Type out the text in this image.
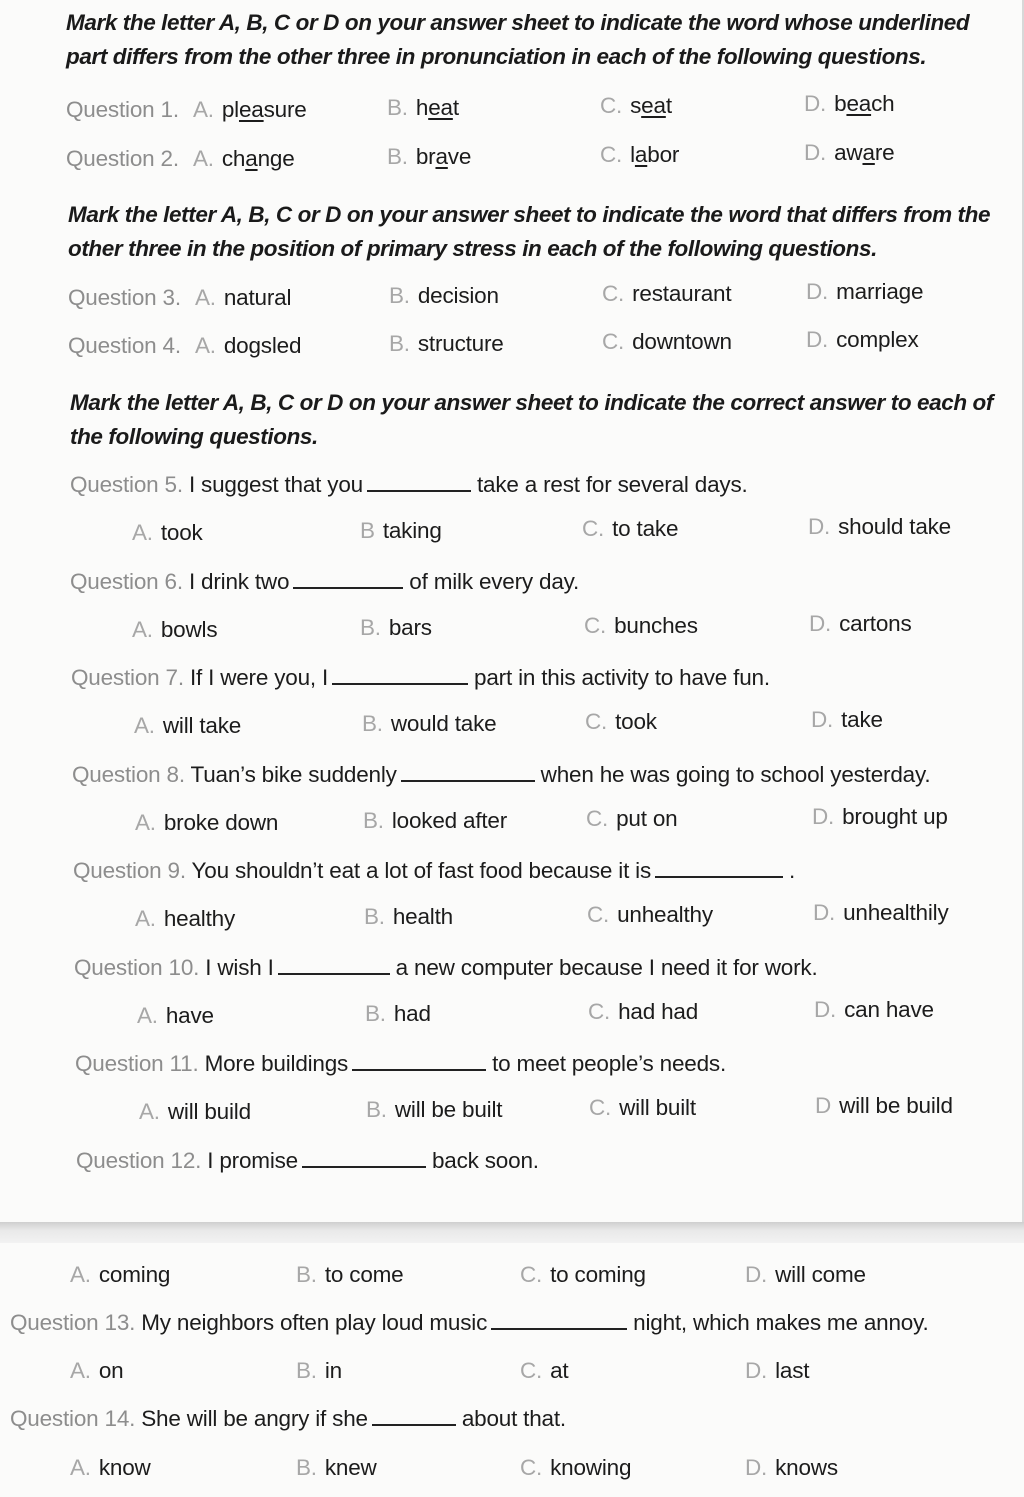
Mark the letter A, B, C or D on your answer sheet to indicate the word whose underlined part differs from the other three in pronunciation in each of the following questions.

Question 1. A. pleasure	B. heat	C. seat	D. beach
Question 2. A. change	B. brave	C. labor	D. aware

Mark the letter A, B, C or D on your answer sheet to indicate the word that differs from the other three in the position of primary stress in each of the following questions.

Question 3. A. natural	B. decision	C. restaurant	D. marriage
Question 4. A. dogsled	B. structure	C. downtown	D. complex

Mark the letter A, B, C or D on your answer sheet to indicate the correct answer to each of the following questions.

Question 5. I suggest that you	take a rest for several days.
A. took	B taking	C. to take	D. should take
Question 6. I drink two	of milk every day.
A. bowls	B. bars	C. bunches	D. cartons
Question 7. If I were you, I	part in this activity to have fun.
A. will take	B. would take	C. took	D. take
Question 8. Tuan’s bike suddenly	when he was going to school yesterday.
A. broke down	B. looked after	C. put on	D. brought up
Question 9. You shouldn’t eat a lot of fast food because it is	.
A. healthy	B. health	C. unhealthy	D. unhealthily
Question 10. I wish I	a new computer because I need it for work.
A. have	B. had	C. had had	D. can have
Question 11. More buildings	to meet people’s needs.
A. will build	B. will be built	C. will built	D will be build
Question 12. I promise	back soon.
A. coming	B. to come	C. to coming	D. will come
Question 13. My neighbors often play loud music	night, which makes me annoy.
A. on	B. in	C. at	D. last
Question 14. She will be angry if she	about that.
A. know	B. knew	C. knowing	D. knows
